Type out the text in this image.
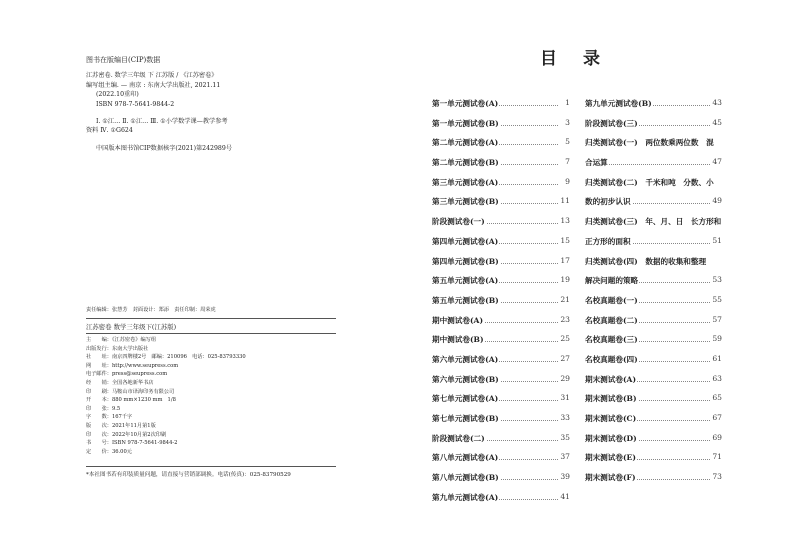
图书在版编目(CIP)数据
江苏密卷. 数学三年级 下 江苏版 / 《江苏密卷》
编写组主编. — 南京 : 东南大学出版社, 2021.11
(2022.10重印)
ISBN 978-7-5641-9844-2
Ⅰ. ①江… Ⅱ. ①江… Ⅲ. ①小学数学课—教学参考
资料 Ⅳ. ①G624
中国版本图书馆CIP数据核字(2021)第242989号
责任编辑：张慧芳　封面设计：郑添　责任印制：周荣虎
江苏密卷 数学三年级下(江苏版)
主　　编：《江苏密卷》编写组
出版发行：东南大学出版社
社　　址：南京四牌楼2号　邮编：210096　电话：025-83793330
网　　址：http://www.seupress.com
电子邮件：press@seupress.com
经　　销：全国各地新华书店
印　　刷：马鞍山市译海印务有限公司
开　　本：880 mm×1230 mm　1/8
印　　张：9.5
字　　数：167千字
版　　次：2021年11月第1版
印　　次：2022年10月第2次印刷
书　　号：ISBN 978-7-5641-9844-2
定　　价：36.00元
*本社图书若有印装质量问题，请直接与营销部调换。电话(传真)：025-83790529
目录
第一单元测试卷(A)	1
第一单元测试卷(B)	3
第二单元测试卷(A)	5
第二单元测试卷(B)	7
第三单元测试卷(A)	9
第三单元测试卷(B)	11
阶段测试卷(一)	13
第四单元测试卷(A)	15
第四单元测试卷(B)	17
第五单元测试卷(A)	19
第五单元测试卷(B)	21
期中测试卷(A)	23
期中测试卷(B)	25
第六单元测试卷(A)	27
第六单元测试卷(B)	29
第七单元测试卷(A)	31
第七单元测试卷(B)	33
阶段测试卷(二)	35
第八单元测试卷(A)	37
第八单元测试卷(B)	39
第九单元测试卷(A)	41
第九单元测试卷(B)	43
阶段测试卷(三)	45
归类测试卷(一)　两位数乘两位数　混
合运算	47
归类测试卷(二)　千米和吨　分数、小
数的初步认识	49
归类测试卷(三)　年、月、日　长方形和
正方形的面积	51
归类测试卷(四)　数据的收集和整理
解决问题的策略	53
名校真题卷(一)	55
名校真题卷(二)	57
名校真题卷(三)	59
名校真题卷(四)	61
期末测试卷(A)	63
期末测试卷(B)	65
期末测试卷(C)	67
期末测试卷(D)	69
期末测试卷(E)	71
期末测试卷(F)	73
